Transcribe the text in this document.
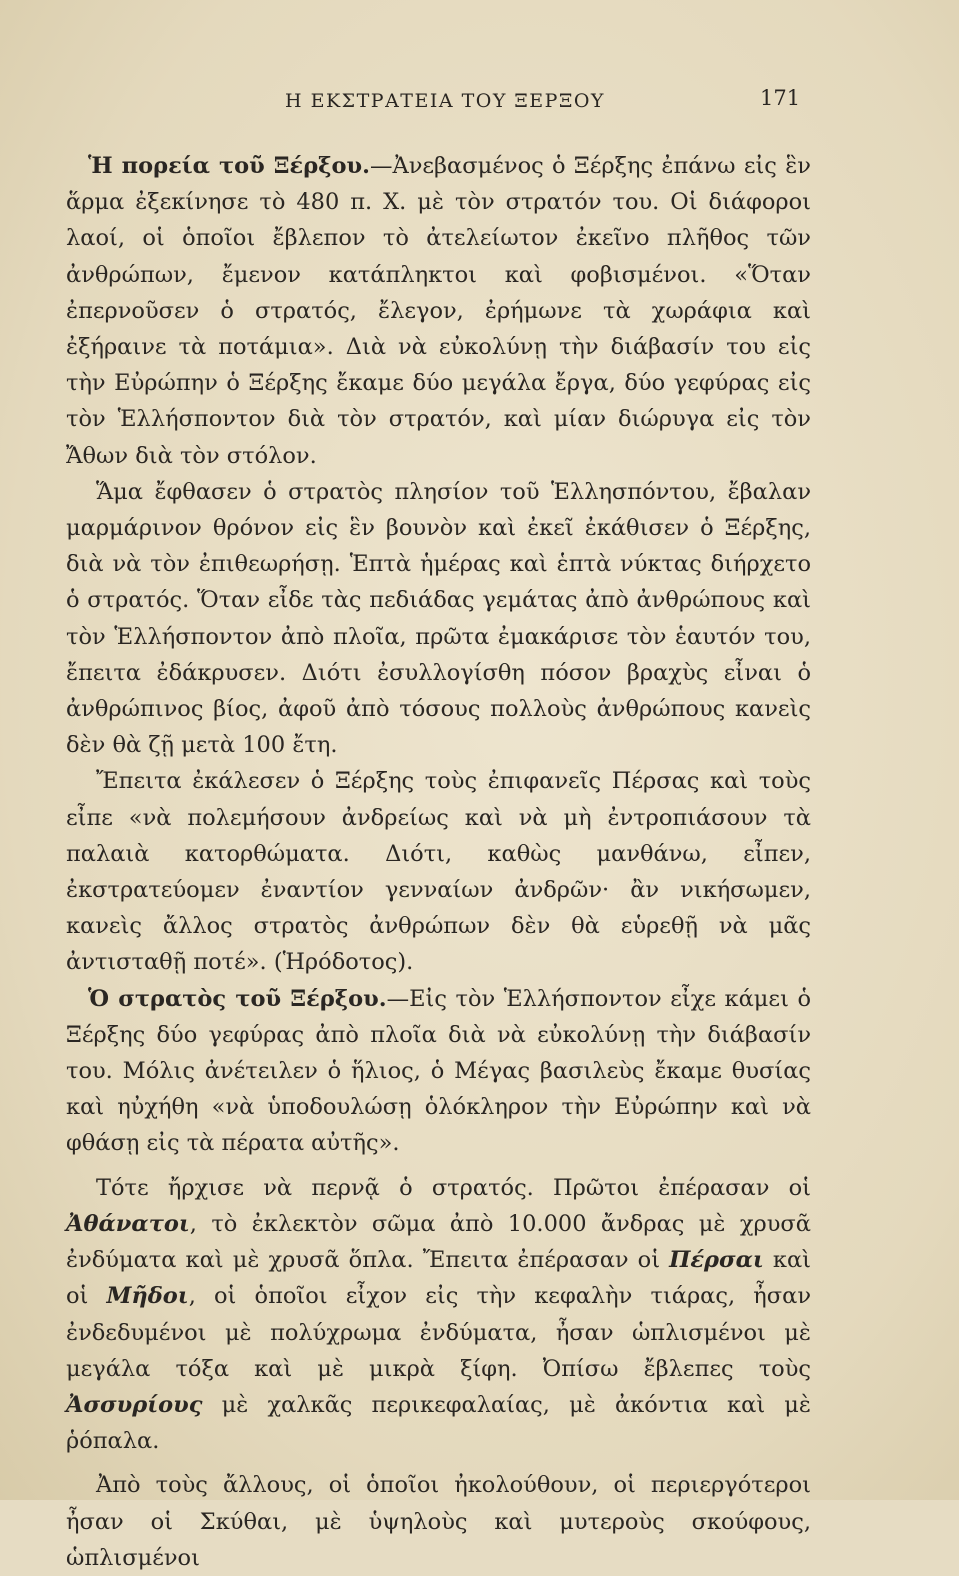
Η ΕΚΣΤΡΑΤΕΙΑ ΤΟΥ ΞΕΡΞΟΥ	171

Ἡ πορεία τοῦ Ξέρξου.—Ἀνεβασμένος ὁ Ξέρξης ἐπάνω εἰς ἓν ἅρμα ἐξεκίνησε τὸ 480 π. Χ. μὲ τὸν στρατόν του. Οἱ διάφοροι λαοί, οἱ ὁποῖοι ἔβλεπον τὸ ἀτελείωτον ἐκεῖνο πλῆθος τῶν ἀνθρώπων, ἔμενον κατάπληκτοι καὶ φοβισμένοι. «Ὅταν ἐπερνοῦσεν ὁ στρατός, ἔλεγον, ἐρήμωνε τὰ χωράφια καὶ ἐξήραινε τὰ ποτάμια». Διὰ νὰ εὐκολύνῃ τὴν διάβασίν του εἰς τὴν Εὐρώπην ὁ Ξέρξης ἔκαμε δύο μεγάλα ἔργα, δύο γεφύρας εἰς τὸν Ἑλλήσποντον διὰ τὸν στρατόν, καὶ μίαν διώρυγα εἰς τὸν Ἄθων διὰ τὸν στόλον.

Ἅμα ἔφθασεν ὁ στρατὸς πλησίον τοῦ Ἑλλησπόντου, ἔβαλαν μαρμάρινον θρόνον εἰς ἓν βουνὸν καὶ ἐκεῖ ἐκάθισεν ὁ Ξέρξης, διὰ νὰ τὸν ἐπιθεωρήσῃ. Ἑπτὰ ἡμέρας καὶ ἑπτὰ νύκτας διήρχετο ὁ στρατός. Ὅταν εἶδε τὰς πεδιάδας γεμάτας ἀπὸ ἀνθρώπους καὶ τὸν Ἑλλήσποντον ἀπὸ πλοῖα, πρῶτα ἐμακάρισε τὸν ἑαυτόν του, ἔπειτα ἐδάκρυσεν. Διότι ἐσυλλογίσθη πόσον βραχὺς εἶναι ὁ ἀνθρώπινος βίος, ἀφοῦ ἀπὸ τόσους πολλοὺς ἀνθρώπους κανεὶς δὲν θὰ ζῇ μετὰ 100 ἔτη.

Ἔπειτα ἐκάλεσεν ὁ Ξέρξης τοὺς ἐπιφανεῖς Πέρσας καὶ τοὺς εἶπε «νὰ πολεμήσουν ἀνδρείως καὶ νὰ μὴ ἐντροπιάσουν τὰ παλαιὰ κατορθώματα. Διότι, καθὼς μανθάνω, εἶπεν, ἐκστρατεύομεν ἐναντίον γενναίων ἀνδρῶν· ἂν νικήσωμεν, κανεὶς ἄλλος στρατὸς ἀνθρώπων δὲν θὰ εὑρεθῇ νὰ μᾶς ἀντισταθῇ ποτέ». (Ἡρόδοτος).

Ὁ στρατὸς τοῦ Ξέρξου.—Εἰς τὸν Ἑλλήσποντον εἶχε κάμει ὁ Ξέρξης δύο γεφύρας ἀπὸ πλοῖα διὰ νὰ εὐκολύνῃ τὴν διάβασίν του. Μόλις ἀνέτειλεν ὁ ἥλιος, ὁ Μέγας βασιλεὺς ἔκαμε θυσίας καὶ ηὐχήθη «νὰ ὑποδουλώσῃ ὁλόκληρον τὴν Εὐρώπην καὶ νὰ φθάσῃ εἰς τὰ πέρατα αὐτῆς».

Τότε ἤρχισε νὰ περνᾷ ὁ στρατός. Πρῶτοι ἐπέρασαν οἱ Ἀθάνατοι, τὸ ἐκλεκτὸν σῶμα ἀπὸ 10.000 ἄνδρας μὲ χρυσᾶ ἐνδύματα καὶ μὲ χρυσᾶ ὅπλα. Ἔπειτα ἐπέρασαν οἱ Πέρσαι καὶ οἱ Μῆδοι, οἱ ὁποῖοι εἶχον εἰς τὴν κεφαλὴν τιάρας, ἦσαν ἐνδεδυμένοι μὲ πολύχρωμα ἐνδύματα, ἦσαν ὡπλισμένοι μὲ μεγάλα τόξα καὶ μὲ μικρὰ ξίφη. Ὀπίσω ἔβλεπες τοὺς Ἀσσυρίους μὲ χαλκᾶς περικεφαλαίας, μὲ ἀκόντια καὶ μὲ ῥόπαλα.

Ἀπὸ τοὺς ἄλλους, οἱ ὁποῖοι ἠκολούθουν, οἱ περιεργότεροι ἦσαν οἱ Σκύθαι, μὲ ὑψηλοὺς καὶ μυτεροὺς σκούφους, ὡπλισμένοι
